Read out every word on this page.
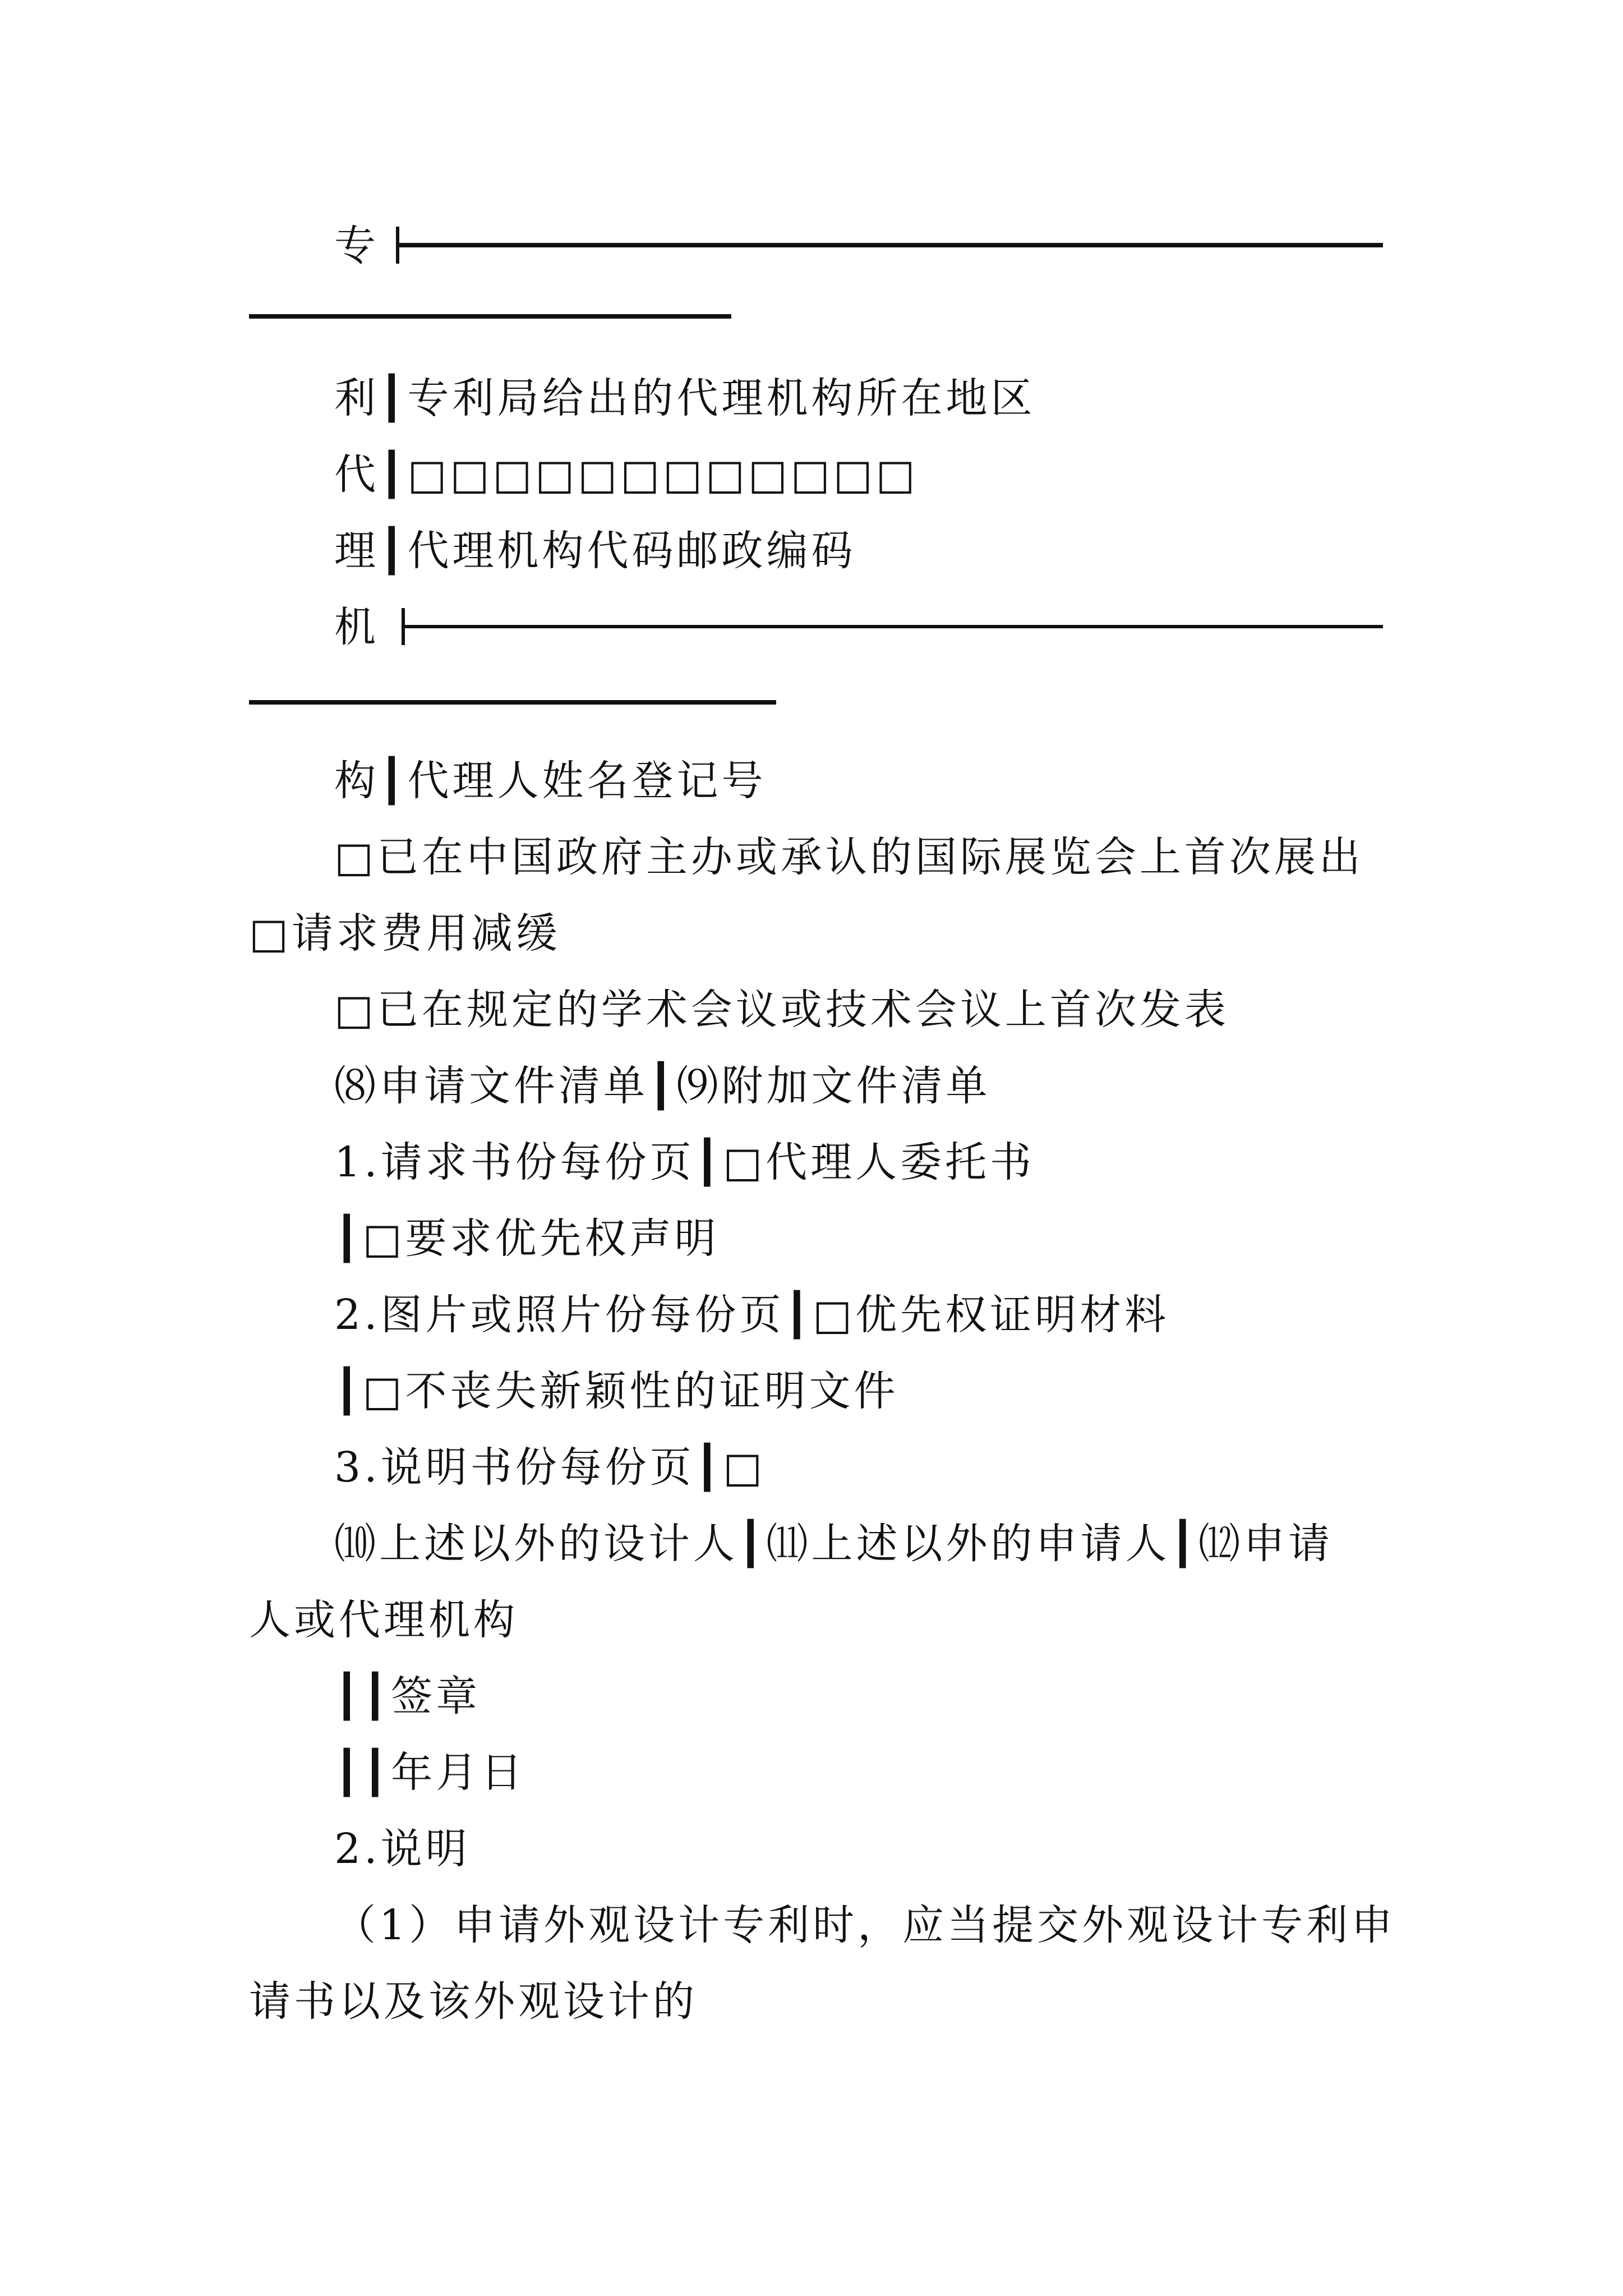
专
利┃专利局给出的代理机构所在地区
代┃□□□□□□□□□□□□
理┃代理机构代码邮政编码
机
构┃代理人姓名登记号
□已在中国政府主办或承认的国际展览会上首次展出
□请求费用减缓
□已在规定的学术会议或技术会议上首次发表
⑻申请文件清单┃⑼附加文件清单
1.请求书份每份页┃□代理人委托书
┃□要求优先权声明
2.图片或照片份每份页┃□优先权证明材料
┃□不丧失新颖性的证明文件
3.说明书份每份页┃□
⑽上述以外的设计人┃⑾上述以外的申请人┃⑿申请
人或代理机构
┃┃签章
┃┃年月日
2.说明
（1）申请外观设计专利时，应当提交外观设计专利申
请书以及该外观设计的
